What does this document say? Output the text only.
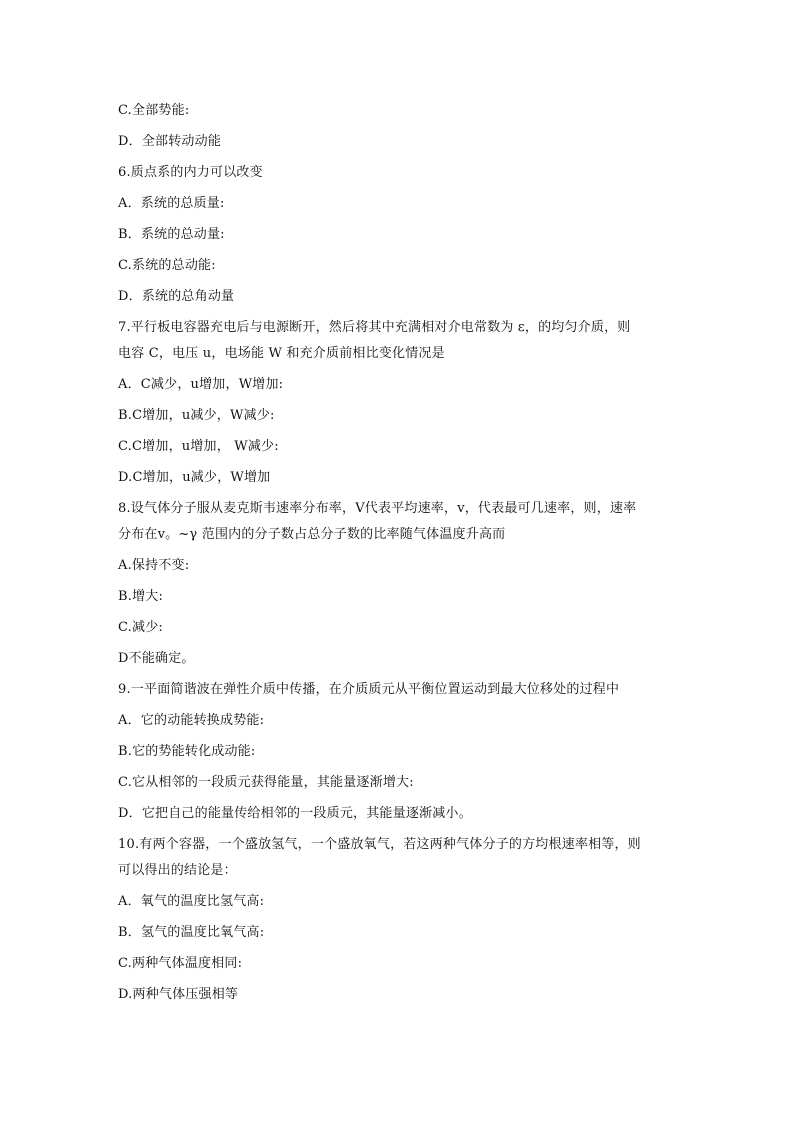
C.全部势能:
D．全部转动动能
6.质点系的内力可以改变
A．系统的总质量:
B．系统的总动量:
C.系统的总动能:
D．系统的总角动量
7.平行板电容器充电后与电源断开，然后将其中充满相对介电常数为 ε，的均匀介质，则
电容 C，电压 u，电场能 W 和充介质前相比变化情况是
A．C减少，u增加，W增加:
B.C增加，u减少，W减少:
C.C增加，u增加， W减少:
D.C增加，u减少，W增加
8.设气体分子服从麦克斯韦速率分布率，V代表平均速率，v，代表最可几速率，则，速率
分布在v。~γ 范围内的分子数占总分子数的比率随气体温度升高而
A.保持不变:
B.增大:
C.减少:
D不能确定。
9.一平面简谐波在弹性介质中传播，在介质质元从平衡位置运动到最大位移处的过程中
A．它的动能转换成势能:
B.它的势能转化成动能:
C.它从相邻的一段质元获得能量，其能量逐渐增大:
D．它把自己的能量传给相邻的一段质元，其能量逐渐减小。
10.有两个容器，一个盛放氢气，一个盛放氧气，若这两种气体分子的方均根速率相等，则
可以得出的结论是：
A．氧气的温度比氢气高:
B．氢气的温度比氧气高:
C.两种气体温度相同:
D.两种气体压强相等
